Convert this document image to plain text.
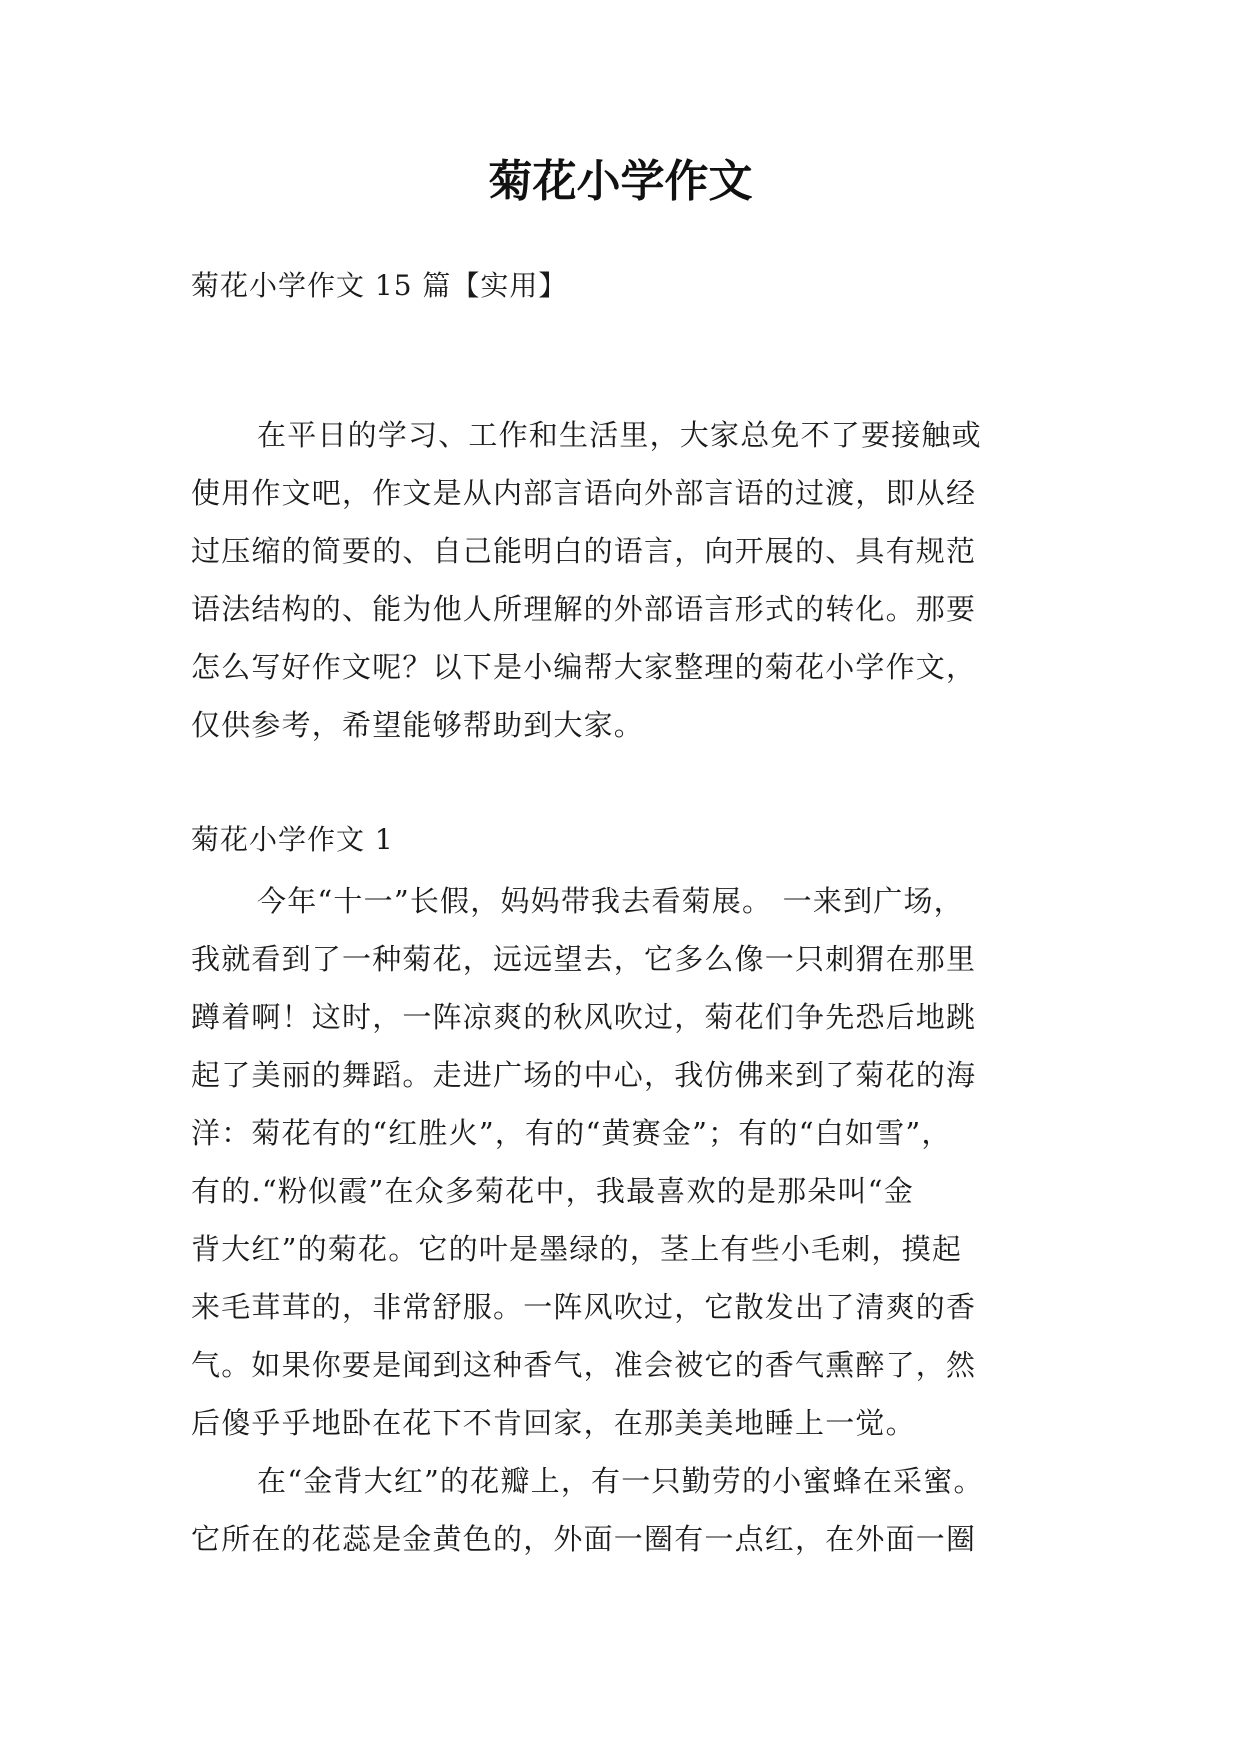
菊花小学作文
菊花小学作文 15 篇【实用】
在平日的学习、工作和生活里，大家总免不了要接触或
使用作文吧，作文是从内部言语向外部言语的过渡，即从经
过压缩的简要的、自己能明白的语言，向开展的、具有规范
语法结构的、能为他人所理解的外部语言形式的转化。那要
怎么写好作文呢？以下是小编帮大家整理的菊花小学作文，
仅供参考，希望能够帮助到大家。
菊花小学作文 1
今年“十一”长假，妈妈带我去看菊展。 一来到广场，
我就看到了一种菊花，远远望去，它多么像一只刺猬在那里
蹲着啊！这时，一阵凉爽的秋风吹过，菊花们争先恐后地跳
起了美丽的舞蹈。走进广场的中心，我仿佛来到了菊花的海
洋：菊花有的“红胜火”，有的“黄赛金”；有的“白如雪”，
有的.“粉似霞”在众多菊花中，我最喜欢的是那朵叫“金
背大红”的菊花。它的叶是墨绿的，茎上有些小毛刺，摸起
来毛茸茸的，非常舒服。一阵风吹过，它散发出了清爽的香
气。如果你要是闻到这种香气，准会被它的香气熏醉了，然
后傻乎乎地卧在花下不肯回家，在那美美地睡上一觉。
在“金背大红”的花瓣上，有一只勤劳的小蜜蜂在采蜜。
它所在的花蕊是金黄色的，外面一圈有一点红，在外面一圈
